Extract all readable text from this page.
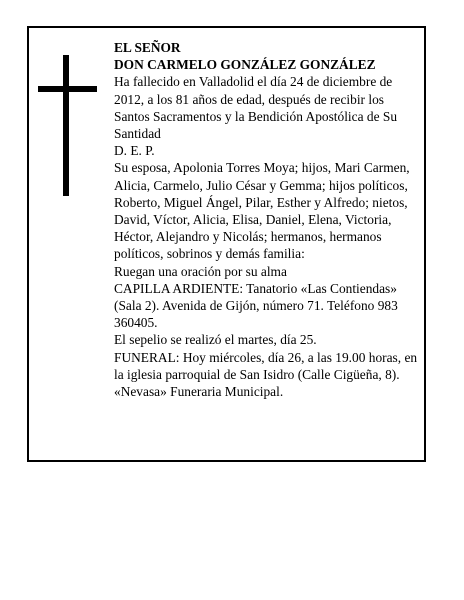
EL SEÑOR
DON CARMELO GONZÁLEZ GONZÁLEZ
Ha fallecido en Valladolid el día 24 de diciembre de 2012, a los 81 años de edad, después de recibir los Santos Sacramentos y la Bendición Apostólica de Su Santidad
D. E. P.
Su esposa, Apolonia Torres Moya; hijos, Mari Carmen, Alicia, Carmelo, Julio César y Gemma; hijos políticos, Roberto, Miguel Ángel, Pilar, Esther y Alfredo; nietos, David, Víctor, Alicia, Elisa, Daniel, Elena, Victoria, Héctor, Alejandro y Nicolás; hermanos, hermanos políticos, sobrinos y demás familia:
Ruegan una oración por su alma
CAPILLA ARDIENTE: Tanatorio «Las Contiendas» (Sala 2). Avenida de Gijón, número 71. Teléfono 983 360405.
El sepelio se realizó el martes, día 25.
FUNERAL: Hoy miércoles, día 26, a las 19.00 horas, en la iglesia parroquial de San Isidro (Calle Cigüeña, 8).
«Nevasa» Funeraria Municipal.
